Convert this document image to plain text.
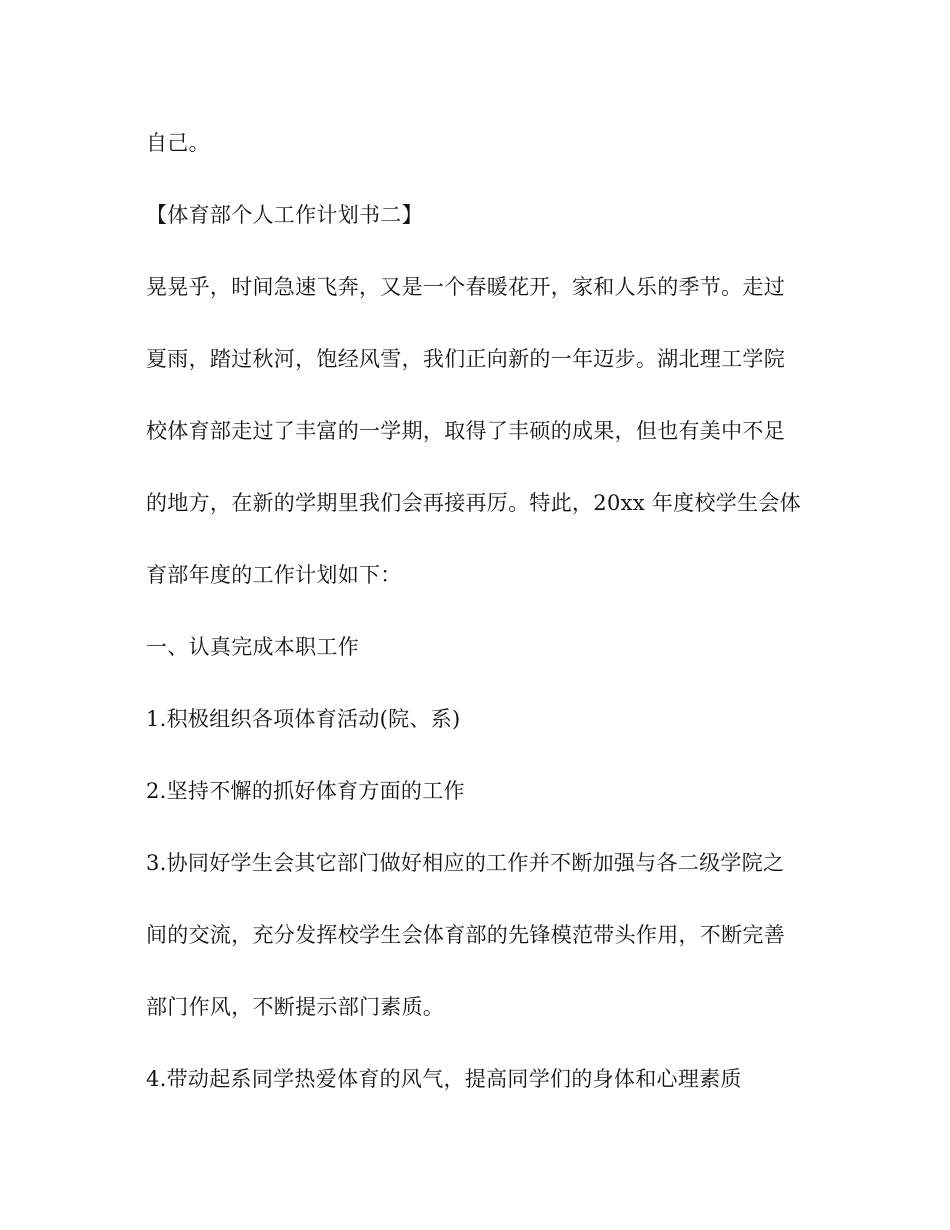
自己。
【体育部个人工作计划书二】
晃晃乎，时间急速飞奔，又是一个春暖花开，家和人乐的季节。走过
夏雨，踏过秋河，饱经风雪，我们正向新的一年迈步。湖北理工学院
校体育部走过了丰富的一学期，取得了丰硕的成果，但也有美中不足
的地方，在新的学期里我们会再接再厉。特此，20xx 年度校学生会体
育部年度的工作计划如下：
一、认真完成本职工作
1.积极组织各项体育活动(院、系)
2.坚持不懈的抓好体育方面的工作
3.协同好学生会其它部门做好相应的工作并不断加强与各二级学院之
间的交流，充分发挥校学生会体育部的先锋模范带头作用，不断完善
部门作风，不断提示部门素质。
4.带动起系同学热爱体育的风气，提高同学们的身体和心理素质
